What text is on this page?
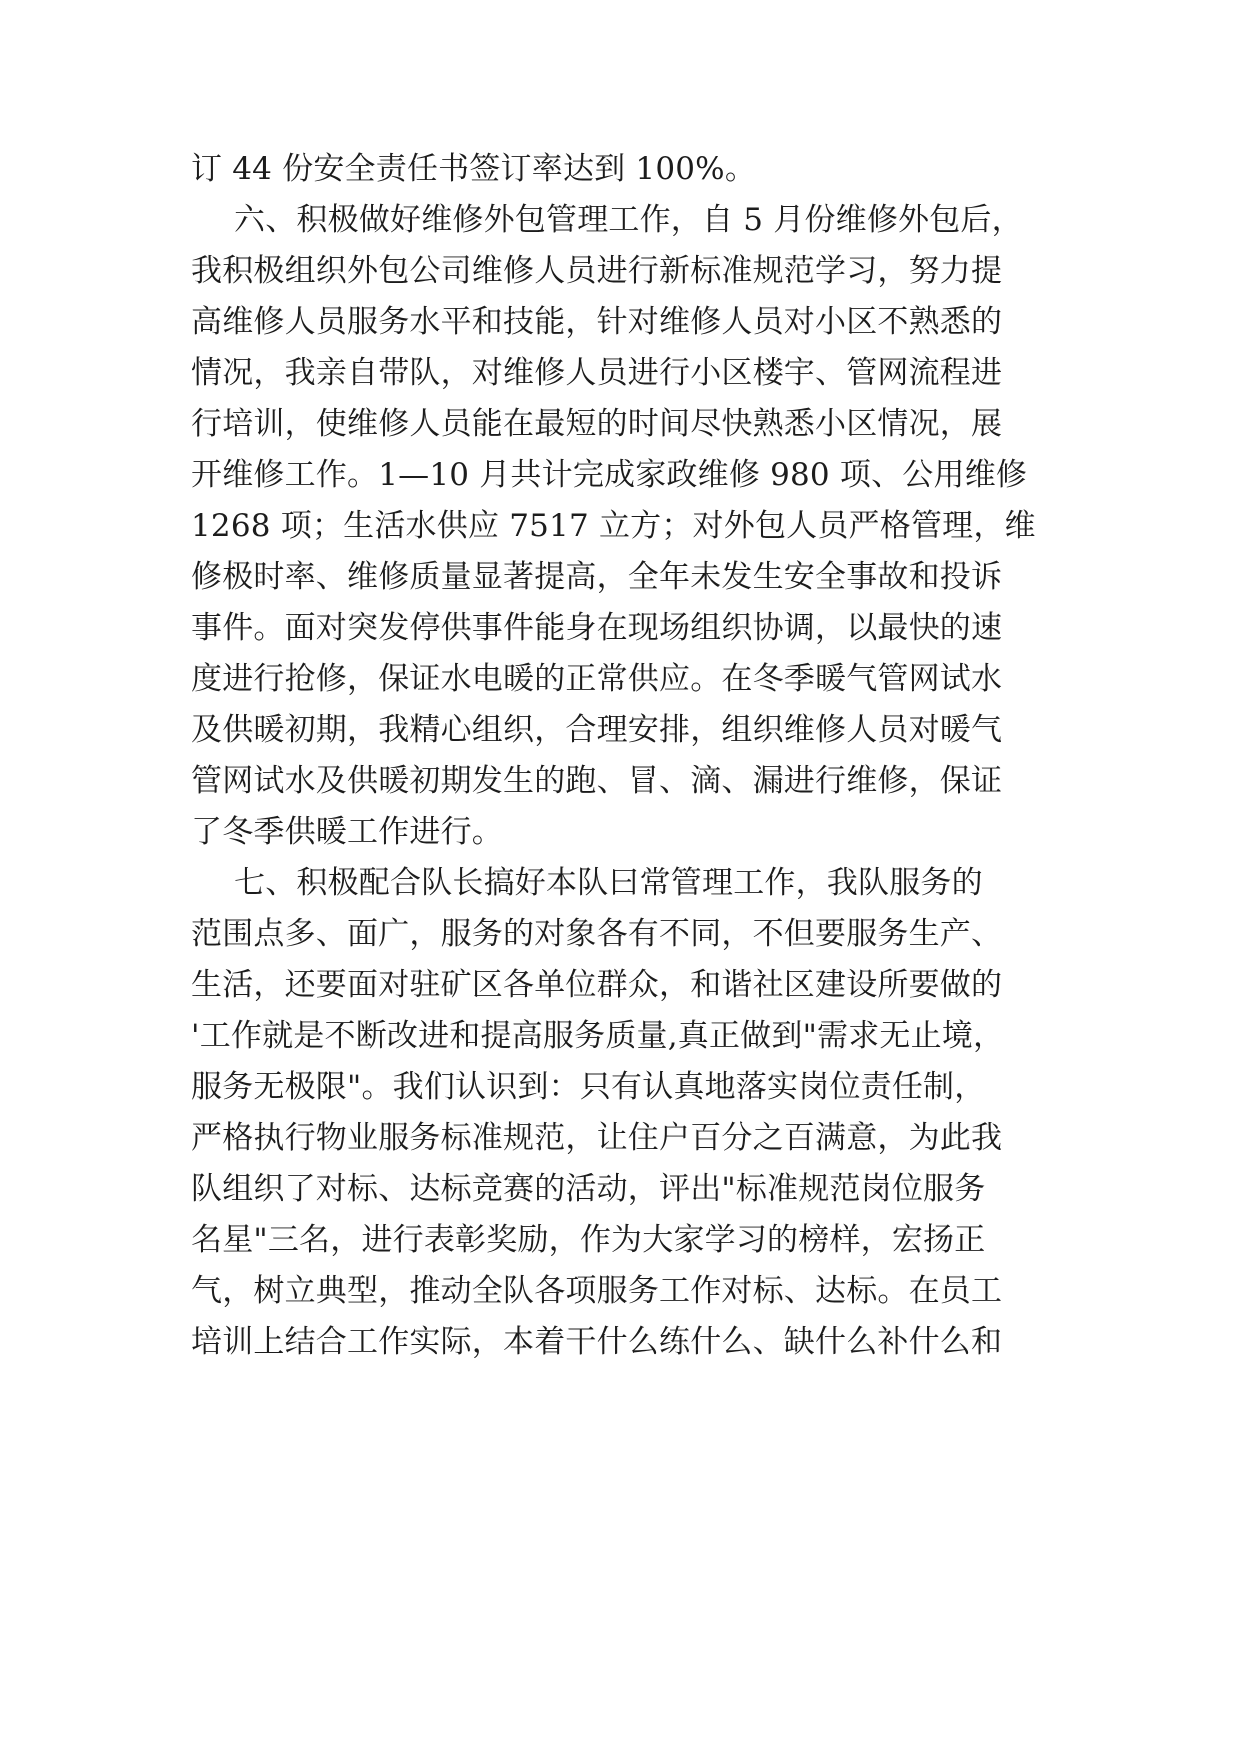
订 44 份安全责任书签订率达到 100%。
六、积极做好维修外包管理工作，自 5 月份维修外包后，
我积极组织外包公司维修人员进行新标准规范学习，努力提
高维修人员服务水平和技能，针对维修人员对小区不熟悉的
情况，我亲自带队，对维修人员进行小区楼宇、管网流程进
行培训，使维修人员能在最短的时间尽快熟悉小区情况，展
开维修工作。1—10 月共计完成家政维修 980 项、公用维修
1268 项；生活水供应 7517 立方；对外包人员严格管理，维
修极时率、维修质量显著提高，全年未发生安全事故和投诉
事件。面对突发停供事件能身在现场组织协调，以最快的速
度进行抢修，保证水电暖的正常供应。在冬季暖气管网试水
及供暖初期，我精心组织，合理安排，组织维修人员对暖气
管网试水及供暖初期发生的跑、冒、滴、漏进行维修，保证
了冬季供暖工作进行。
七、积极配合队长搞好本队曰常管理工作，我队服务的
范围点多、面广，服务的对象各有不同，不但要服务生产、
生活，还要面对驻矿区各单位群众，和谐社区建设所要做的
'工作就是不断改进和提高服务质量,真正做到"需求无止境，
服务无极限"。我们认识到：只有认真地落实岗位责任制，
严格执行物业服务标准规范，让住户百分之百满意，为此我
队组织了对标、达标竞赛的活动，评出"标准规范岗位服务
名星"三名，进行表彰奖励，作为大家学习的榜样，宏扬正
气，树立典型，推动全队各项服务工作对标、达标。在员工
培训上结合工作实际，本着干什么练什么、缺什么补什么和
